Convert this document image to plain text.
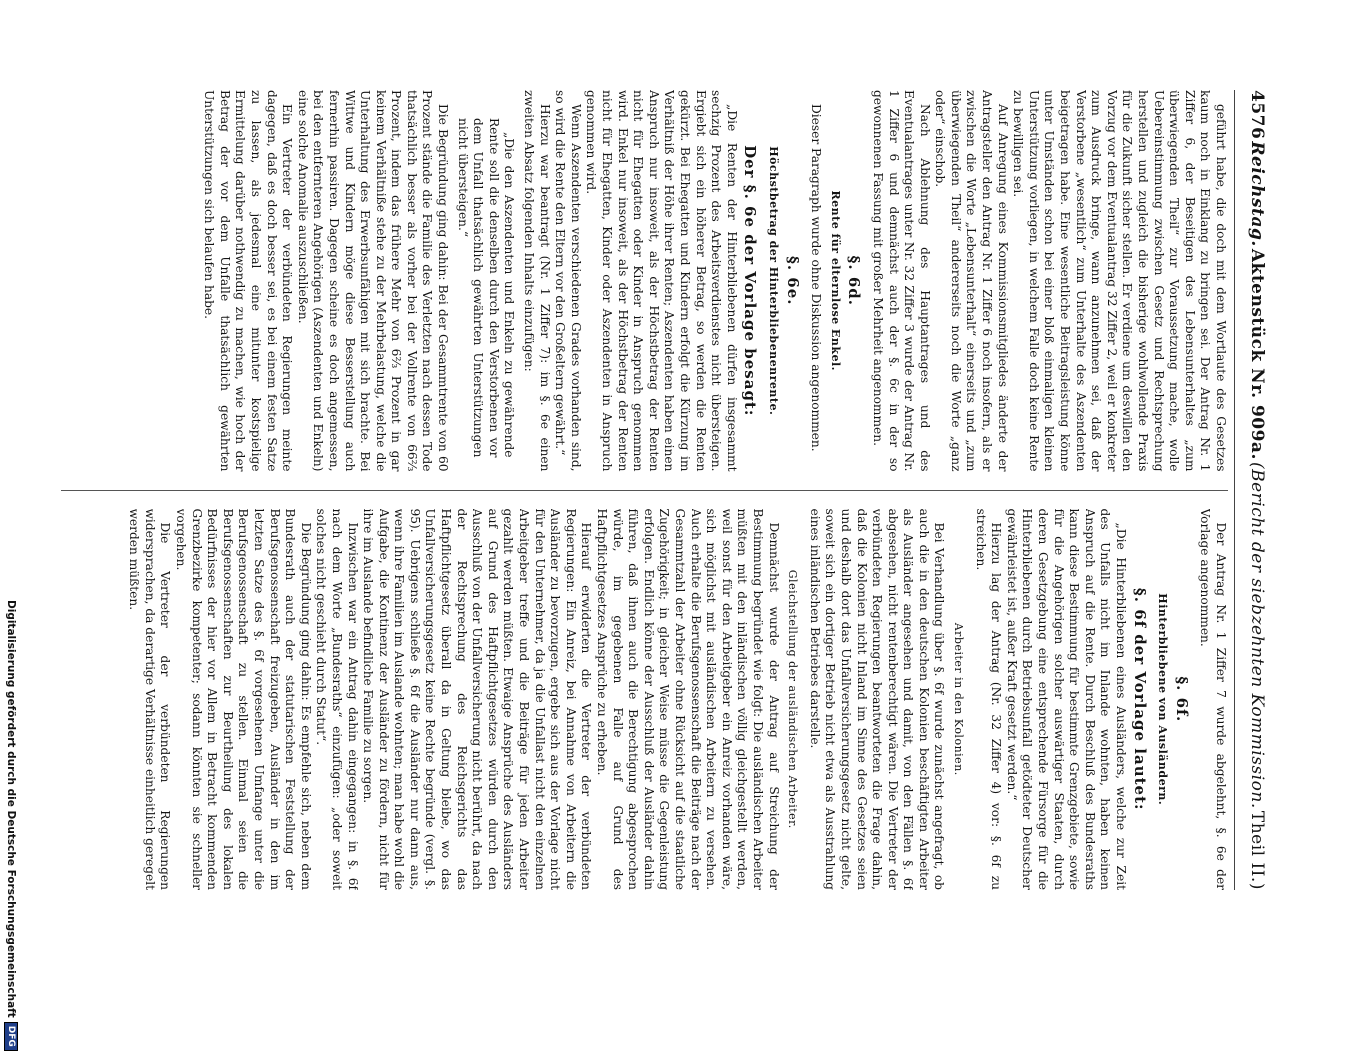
4576
Reichstag.
Aktenstück Nr. 909a.
(Bericht der siebzehnten Kommission.
Theil II.)

geführt habe, die doch mit dem Wortlaute des Gesetzes kaum noch in Einklang zu bringen sei. Der Antrag Nr. 1 Ziffer 6, der Beseitigen des Lebensunterhaltes „zum überwiegenden Theil“ zur Voraussetzung mache, wolle Uebereinstimmung zwischen Gesetz und Rechtsprechung herstellen und zugleich die bisherige wohlwollende Praxis für die Zukunft sicher stellen. Er verdiene um deswillen den Vorzug vor dem Eventualantrag 32 Ziffer 2, weil er konkreter zum Ausdruck bringe, wann anzunehmen sei, daß der Verstorbene „wesentlich“ zum Unterhalte des Aszendenten beigetragen habe. Eine wesentliche Beitragsleistung könne unter Umständen schon bei einer bloß einmaligen kleinen Unterstützung vorliegen, in welchem Falle doch keine Rente zu bewilligen sei.

Auf Anregung eines Kommissionsmitgliedes änderte der Antragsteller den Antrag Nr. 1 Ziffer 6 noch insofern, als er zwischen die Worte „Lebensunterhalt“ einerseits und „zum überwiegenden Theil“ andererseits noch die Worte „ganz oder“ einschob.

Nach Ablehnung des Hauptantrages und des Eventualantrages unter Nr. 32 Ziffer 3 wurde der Antrag Nr. 1 Ziffer 6 und demnächst auch der §. 6c in der so gewonnenen Fassung mit großer Mehrheit angenommen.

§. 6d.
Rente für elternlose Enkel.

Dieser Paragraph wurde ohne Diskussion angenommen.

§. 6e.
Höchstbetrag der Hinterbliebenenrente.
Der §. 6e der Vorlage besagt:

„Die Renten der Hinterbliebenen dürfen insgesammt sechzig Prozent des Arbeitsverdienstes nicht übersteigen. Ergiebt sich ein höherer Betrag, so werden die Renten gekürzt. Bei Ehegatten und Kindern erfolgt die Kürzung im Verhältniß der Höhe ihrer Renten; Aszendenten haben einen Anspruch nur insoweit, als der Höchstbetrag der Renten nicht für Ehegatten oder Kinder in Anspruch genommen wird. Enkel nur insoweit, als der Höchstbetrag der Renten nicht für Ehegatten, Kinder oder Aszendenten in Anspruch genommen wird.

Wenn Aszendenten verschiedenen Grades vorhanden sind, so wird die Rente den Eltern vor den Großeltern gewährt.“

Hierzu war beantragt (Nr. 1 Ziffer 7): im §. 6e einen zweiten Absatz folgenden Inhalts einzufügen:

„Die den Aszendenten und Enkeln zu gewährende Rente soll die denselben durch den Verstorbenen vor dem Unfall thatsächlich gewährten Unterstützungen nicht übersteigen.“

Die Begründung ging dahin: Bei der Gesammtrente von 60 Prozent stände die Familie des Verletzten nach dessen Tode thatsächlich besser als vorher bei der Vollrente von 66⅔ Prozent, indem das frühere Mehr von 6⅔ Prozent in gar keinem Verhältniße stehe zu der Mehrbelastung, welche die Unterhaltung des Erwerbsunfähigen mit sich brachte. Bei Wittwe und Kindern möge diese Besserstellung auch fernerhin passiren. Dagegen scheine es doch angemessen, bei den entfernteren Angehörigen (Aszendenten und Enkeln) eine solche Anomalie auszuschließen.

Ein Vertreter der verbündeten Regierungen meinte dagegen, daß es doch besser sei, es bei einem festen Satze zu lassen, als jedesmal eine mitunter kostspielige Ermittelung darüber nothwendig zu machen, wie hoch der Betrag der vor dem Unfalle thatsächlich gewährten Unterstützungen sich belaufen habe.

Der Antrag Nr. 1 Ziffer 7 wurde abgelehnt, §. 6e der Vorlage angenommen.

§. 6f.
Hinterbliebene von Ausländern.
§. 6f der Vorlage lautet:

„Die Hinterbliebenen eines Ausländers, welche zur Zeit des Unfalls nicht im Inlande wohnten, haben keinen Anspruch auf die Rente. Durch Beschluß des Bundesraths kann diese Bestimmung für bestimmte Grenzgebiete, sowie für die Angehörigen solcher auswärtiger Staaten, durch deren Gesetzgebung eine entsprechende Fürsorge für die Hinterbliebenen durch Betriebsunfall getödteter Deutscher gewährleistet ist, außer Kraft gesetzt werden.“

Hierzu lag der Antrag (Nr. 32 Ziffer 4) vor: §. 6f zu streichen.

Arbeiter in den Kolonien.

Bei Verhandlung über §. 6f wurde zunächst angefragt, ob auch die in den deutschen Kolonien beschäftigten Arbeiter als Ausländer angesehen und damit, von den Fällen §. 6f abgesehen, nicht rentenberechtigt wären. Die Vertreter der verbündeten Regierungen beantworteten die Frage dahin, daß die Kolonien nicht Inland im Sinne des Gesetzes seien und deshalb dort das Unfallversicherungsgesetz nicht gelte, soweit sich ein dortiger Betrieb nicht etwa als Ausstrahlung eines inländischen Betriebes darstelle.

Gleichstellung der ausländischen Arbeiter.

Demnächst wurde der Antrag auf Streichung der Bestimmung begründet wie folgt: Die ausländischen Arbeiter müßten mit den inländischen völlig gleichgestellt werden, weil sonst für den Arbeitgeber ein Anreiz vorhanden wäre, sich möglichst mit ausländischen Arbeitern zu versehen. Auch erhalte die Berufsgenossenschaft die Beiträge nach der Gesammtzahl der Arbeiter ohne Rücksicht auf die staatliche Zugehörigkeit; in gleicher Weise müsse die Gegenleistung erfolgen. Endlich könne der Ausschluß der Ausländer dahin führen, daß ihnen auch die Berechtigung abgesprochen würde, im gegebenen Falle auf Grund des Haftpflichtgesetzes Ansprüche zu erheben.

Hierauf erwiderten die Vertreter der verbündeten Regierungen: Ein Anreiz, bei Annahme von Arbeitern die Ausländer zu bevorzugen, ergebe sich aus der Vorlage nicht für den Unternehmer, da ja die Unfallast nicht den einzelnen Arbeitgeber treffe und die Beiträge für jeden Arbeiter gezahlt werden müßten. Etwaige Ansprüche des Ausländers auf Grund des Haftpflichtgesetzes würden durch den Ausschluß von der Unfallversicherung nicht berührt, da nach der Rechtsprechung des Reichsgerichts das Haftpflichtgesetz überall da in Geltung bleibe, wo das Unfallversicherungsgesetz keine Rechte begründe (vergl. §. 95). Uebrigens schließe §. 6f die Ausländer nur dann aus, wenn ihre Familien im Auslande wohnten; man habe wohl die Aufgabe, die Kontinenz der Ausländer zu fördern, nicht für ihre im Auslande befindliche Familie zu sorgen.

Inzwischen war ein Antrag dahin eingegangen: in §. 6f nach dem Worte „Bundesraths“ einzufügen: „oder soweit solches nicht geschieht durch Statut“.

Die Begründung ging dahin: Es empfehle sich, neben dem Bundesrath auch der statutarischen Feststellung der Berufsgenossenschaft freizugeben, Ausländer in den im letzten Satze des §. 6f vorgesehenen Umfange unter die Berufsgenossenschaft zu stellen. Einmal seien die Berufsgenossenschaften zur Beurtheilung des lokalen Bedürfnisses der hier vor Allem in Betracht kommenden Grenzbezirke kompetenter; sodann könnten sie schneller vorgehen.

Die Vertreter der verbündeten Regierungen widersprachen, da derartige Verhältnisse einheitlich geregelt werden müßten.

Digitalisierung gefördert durch die Deutsche Forschungsgemeinschaft
DFG
